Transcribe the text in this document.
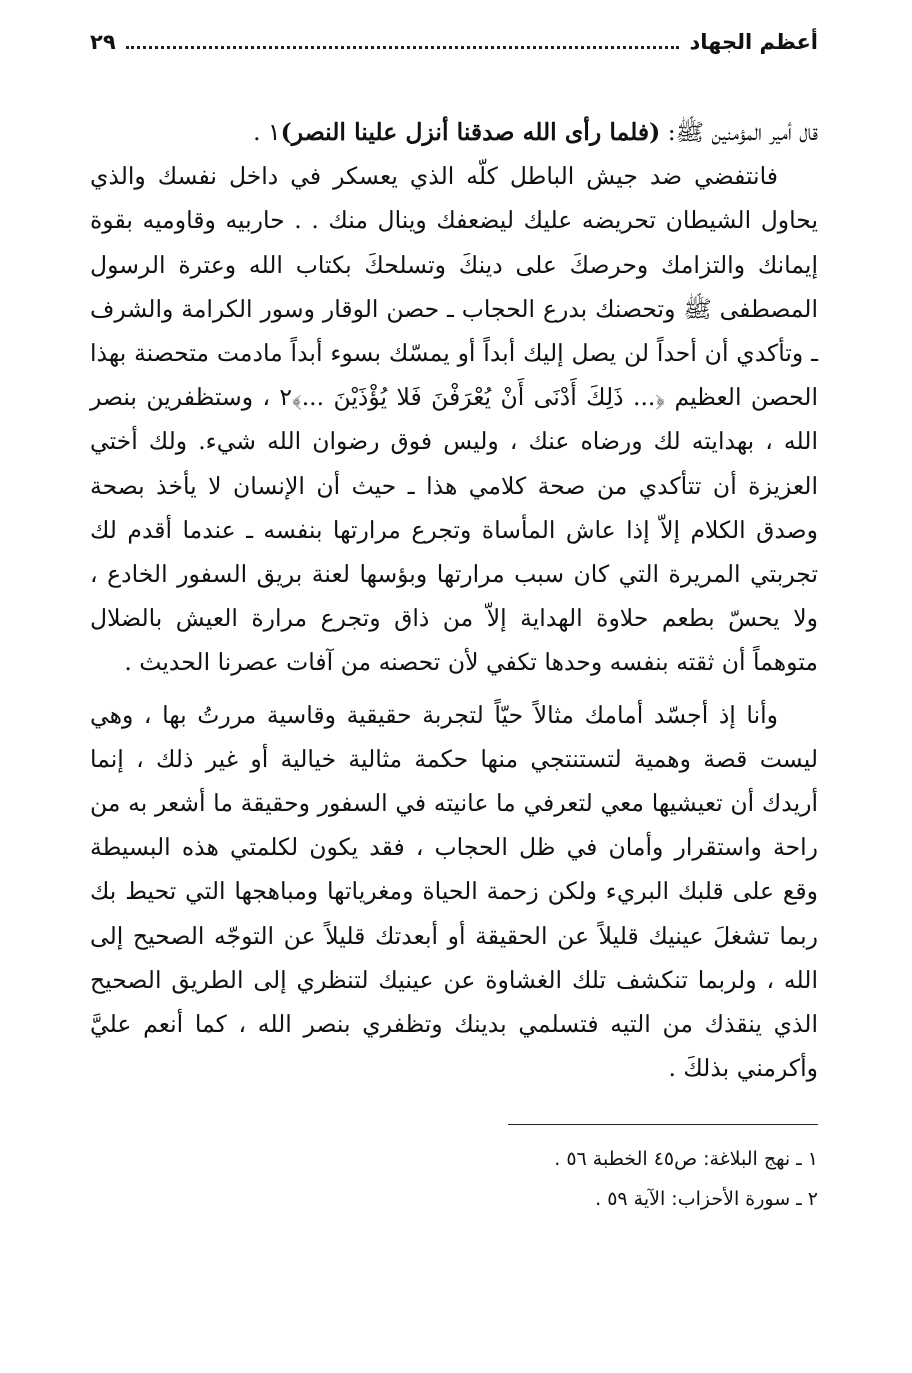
أعظم الجهاد
٢٩

قال أمير المؤمنين ﷺ: (فلما رأى الله صدقنا أنزل علينا النصر)١ .

فانتفضي ضد جيش الباطل كلّه الذي يعسكر في داخل نفسك والذي يحاول الشيطان تحريضه عليك ليضعفك وينال منك . . حاربيه وقاوميه بقوة إيمانك والتزامك وحرصكَ على دينكَ وتسلحكَ بكتاب الله وعترة الرسول المصطفى ﷺ وتحصنك بدرع الحجاب ـ حصن الوقار وسور الكرامة والشرف ـ وتأكدي أن أحداً لن يصل إليك أبداً أو يمسّك بسوء أبداً مادمت متحصنة بهذا الحصن العظيم ﴿... ذَلِكَ أَدْنَى أَنْ يُعْرَفْنَ فَلا يُؤْذَيْنَ ...﴾٢ ، وستظفرين بنصر الله ، بهدايته لك ورضاه عنك ، وليس فوق رضوان الله شيء. ولك أختي العزيزة أن تتأكدي من صحة كلامي هذا ـ حيث أن الإنسان لا يأخذ بصحة وصدق الكلام إلاّ إذا عاش المأساة وتجرع مرارتها بنفسه ـ عندما أقدم لك تجربتي المريرة التي كان سبب مرارتها وبؤسها لعنة بريق السفور الخادع ، ولا يحسّ بطعم حلاوة الهداية إلاّ من ذاق وتجرع مرارة العيش بالضلال متوهماً أن ثقته بنفسه وحدها تكفي لأن تحصنه من آفات عصرنا الحديث .

وأنا إذ أجسّد أمامك مثالاً حيّاً لتجربة حقيقية وقاسية مررتُ بها ، وهي ليست قصة وهمية لتستنتجي منها حكمة مثالية خيالية أو غير ذلك ، إنما أريدك أن تعيشيها معي لتعرفي ما عانيته في السفور وحقيقة ما أشعر به من راحة واستقرار وأمان في ظل الحجاب ، فقد يكون لكلمتي هذه البسيطة وقع على قلبك البريء ولكن زحمة الحياة ومغرياتها ومباهجها التي تحيط بك ربما تشغلَ عينيك قليلاً عن الحقيقة أو أبعدتك قليلاً عن التوجّه الصحيح إلى الله ، ولربما تنكشف تلك الغشاوة عن عينيك لتنظري إلى الطريق الصحيح الذي ينقذك من التيه فتسلمي بدينك وتظفري بنصر الله ، كما أنعم عليَّ وأكرمني بذلكَ .

١ ـ نهج البلاغة: ص٤٥ الخطبة ٥٦ .
٢ ـ سورة الأحزاب: الآية ٥٩ .
